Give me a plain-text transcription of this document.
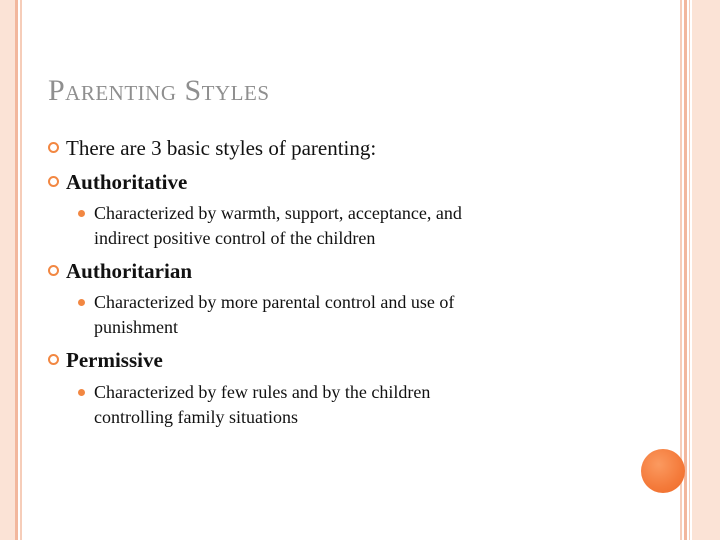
Parenting Styles
There are 3 basic styles of parenting:
Authoritative
Characterized by warmth, support, acceptance, and
indirect positive control of the children
Authoritarian
Characterized by more parental control and use of
punishment
Permissive
Characterized by few rules and by the children
controlling family situations
